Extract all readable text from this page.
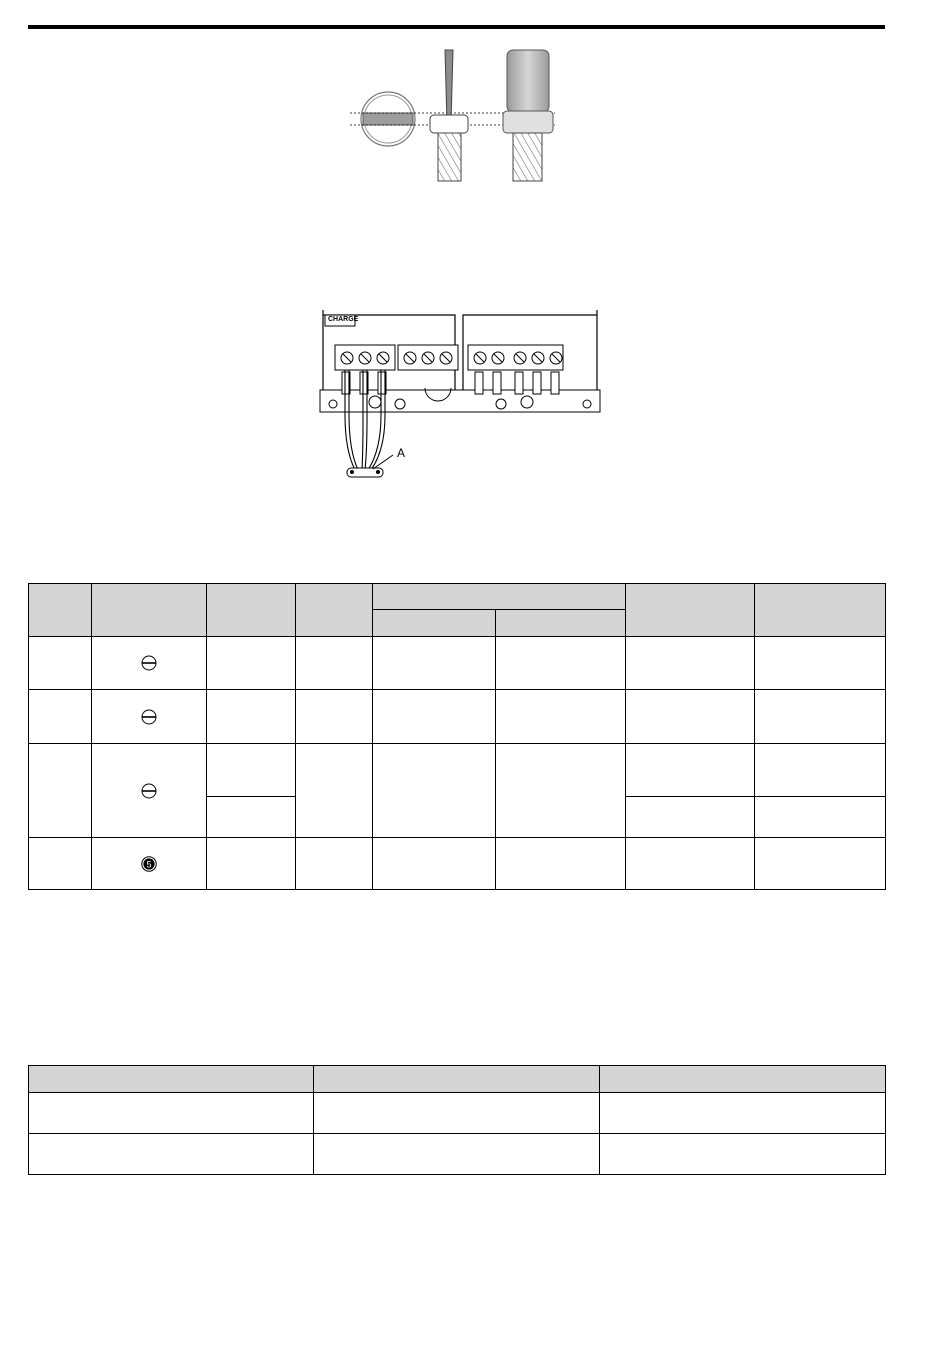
A
CHARGE

5						
